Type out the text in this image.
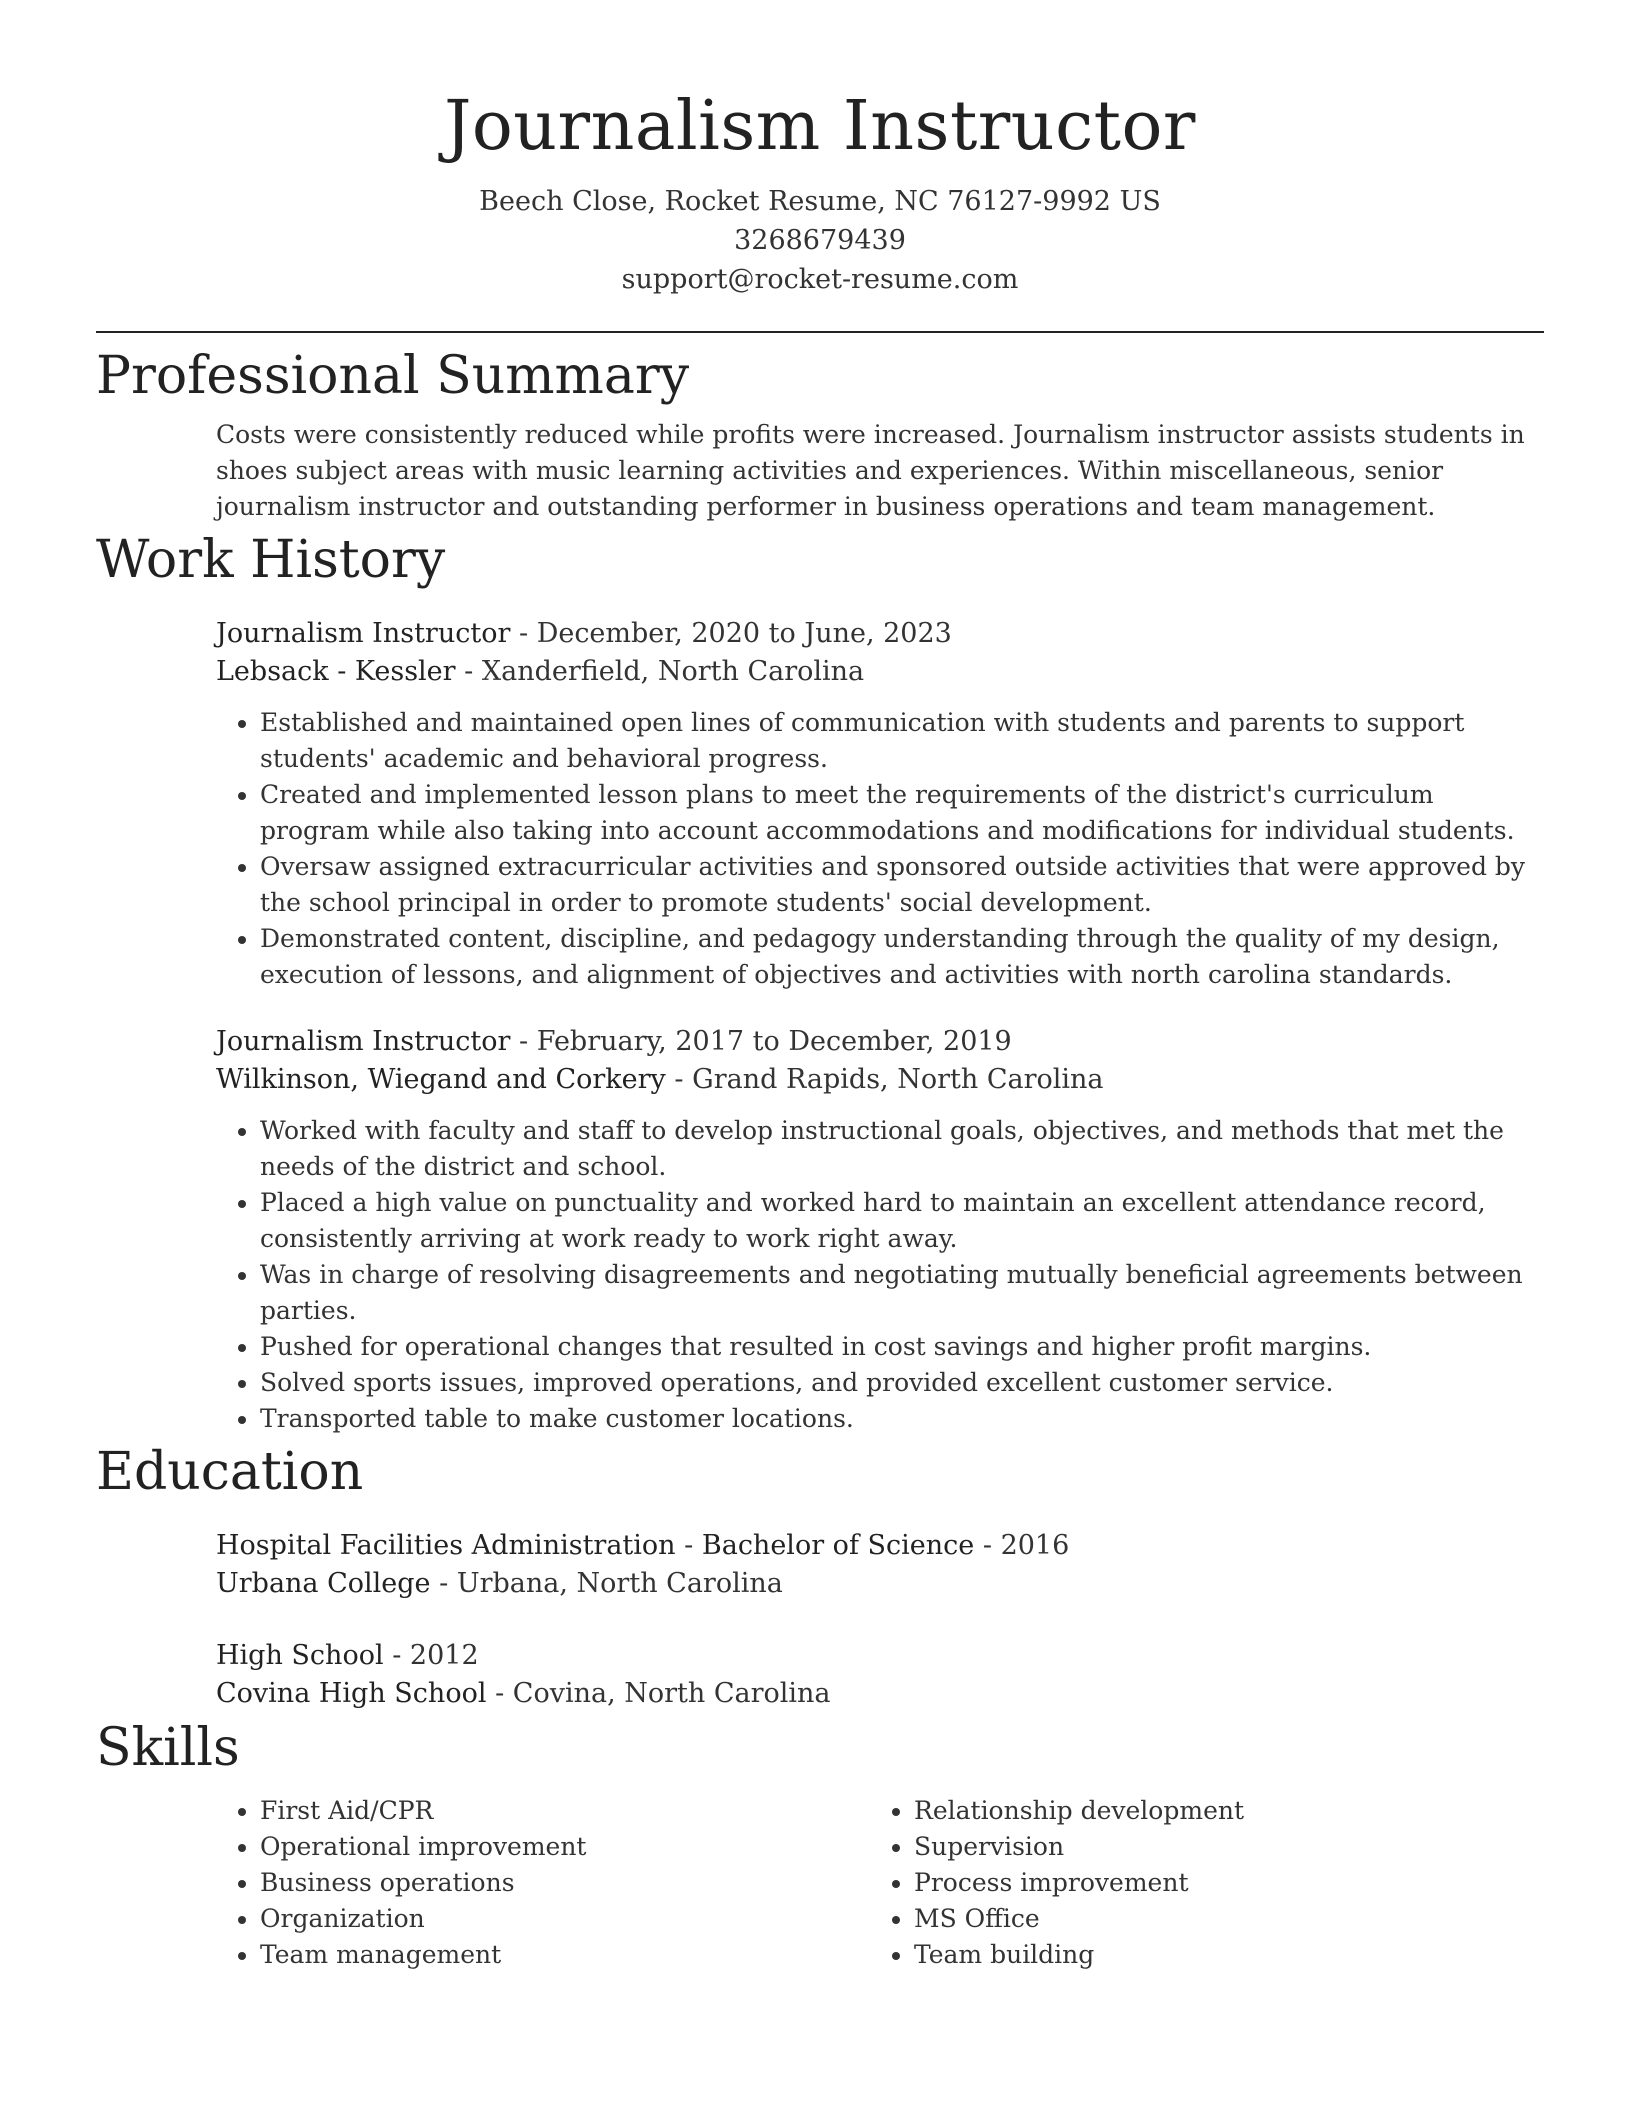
Journalism Instructor
Beech Close, Rocket Resume, NC 76127-9992 US
3268679439
support@rocket-resume.com
Professional Summary
Costs were consistently reduced while profits were increased. Journalism instructor assists students in shoes subject areas with music learning activities and experiences. Within miscellaneous, senior journalism instructor and outstanding performer in business operations and team management.
Work History
Journalism Instructor - December, 2020 to June, 2023
Lebsack - Kessler - Xanderfield, North Carolina
• Established and maintained open lines of communication with students and parents to support students' academic and behavioral progress.
• Created and implemented lesson plans to meet the requirements of the district's curriculum program while also taking into account accommodations and modifications for individual students.
• Oversaw assigned extracurricular activities and sponsored outside activities that were approved by the school principal in order to promote students' social development.
• Demonstrated content, discipline, and pedagogy understanding through the quality of my design, execution of lessons, and alignment of objectives and activities with north carolina standards.
Journalism Instructor - February, 2017 to December, 2019
Wilkinson, Wiegand and Corkery - Grand Rapids, North Carolina
• Worked with faculty and staff to develop instructional goals, objectives, and methods that met the needs of the district and school.
• Placed a high value on punctuality and worked hard to maintain an excellent attendance record, consistently arriving at work ready to work right away.
• Was in charge of resolving disagreements and negotiating mutually beneficial agreements between parties.
• Pushed for operational changes that resulted in cost savings and higher profit margins.
• Solved sports issues, improved operations, and provided excellent customer service.
• Transported table to make customer locations.
Education
Hospital Facilities Administration - Bachelor of Science - 2016
Urbana College - Urbana, North Carolina
High School - 2012
Covina High School - Covina, North Carolina
Skills
• First Aid/CPR
• Operational improvement
• Business operations
• Organization
• Team management
• Relationship development
• Supervision
• Process improvement
• MS Office
• Team building
